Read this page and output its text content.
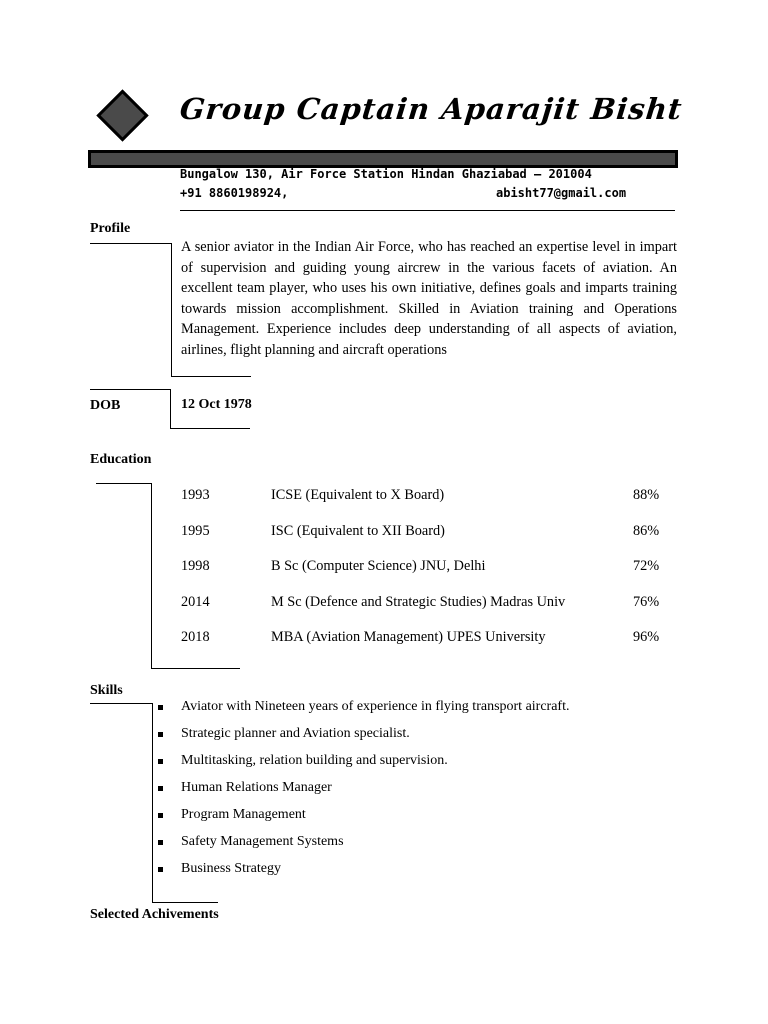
Group Captain Aparajit Bisht
Bungalow 130, Air Force Station Hindan Ghaziabad – 201004
+91 8860198924,	abisht77@gmail.com
Profile
A senior aviator in the Indian Air Force, who has reached an expertise level in impart of supervision and guiding young aircrew in the various facets of aviation. An excellent team player, who uses his own initiative, defines goals and imparts training towards mission accomplishment. Skilled in Aviation training and Operations Management. Experience includes deep understanding of all aspects of aviation, airlines, flight planning and aircraft operations
DOB	12 Oct 1978
Education
1993	ICSE (Equivalent to X Board)	88%
1995	ISC (Equivalent to XII Board)	86%
1998	B Sc (Computer Science) JNU, Delhi	72%
2014	M Sc (Defence and Strategic Studies) Madras Univ	76%
2018	MBA (Aviation Management) UPES University	96%
Skills
Aviator with Nineteen years of experience in flying transport aircraft.
Strategic planner and Aviation specialist.
Multitasking, relation building and supervision.
Human Relations Manager
Program Management
Safety Management Systems
Business Strategy
Selected Achivements
